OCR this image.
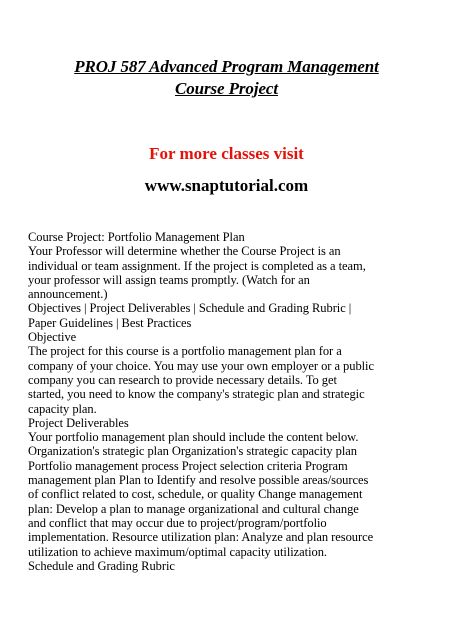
PROJ 587 Advanced Program Management
Course Project
For more classes visit
www.snaptutorial.com
Course Project: Portfolio Management Plan
Your Professor will determine whether the Course Project is an
individual or team assignment. If the project is completed as a team,
your professor will assign teams promptly. (Watch for an
announcement.)
Objectives | Project Deliverables | Schedule and Grading Rubric |
Paper Guidelines | Best Practices
Objective
The project for this course is a portfolio management plan for a
company of your choice. You may use your own employer or a public
company you can research to provide necessary details. To get
started, you need to know the company's strategic plan and strategic
capacity plan.
Project Deliverables
Your portfolio management plan should include the content below.
Organization's strategic plan Organization's strategic capacity plan
Portfolio management process Project selection criteria Program
management plan Plan to Identify and resolve possible areas/sources
of conflict related to cost, schedule, or quality Change management
plan: Develop a plan to manage organizational and cultural change
and conflict that may occur due to project/program/portfolio
implementation. Resource utilization plan: Analyze and plan resource
utilization to achieve maximum/optimal capacity utilization.
Schedule and Grading Rubric
